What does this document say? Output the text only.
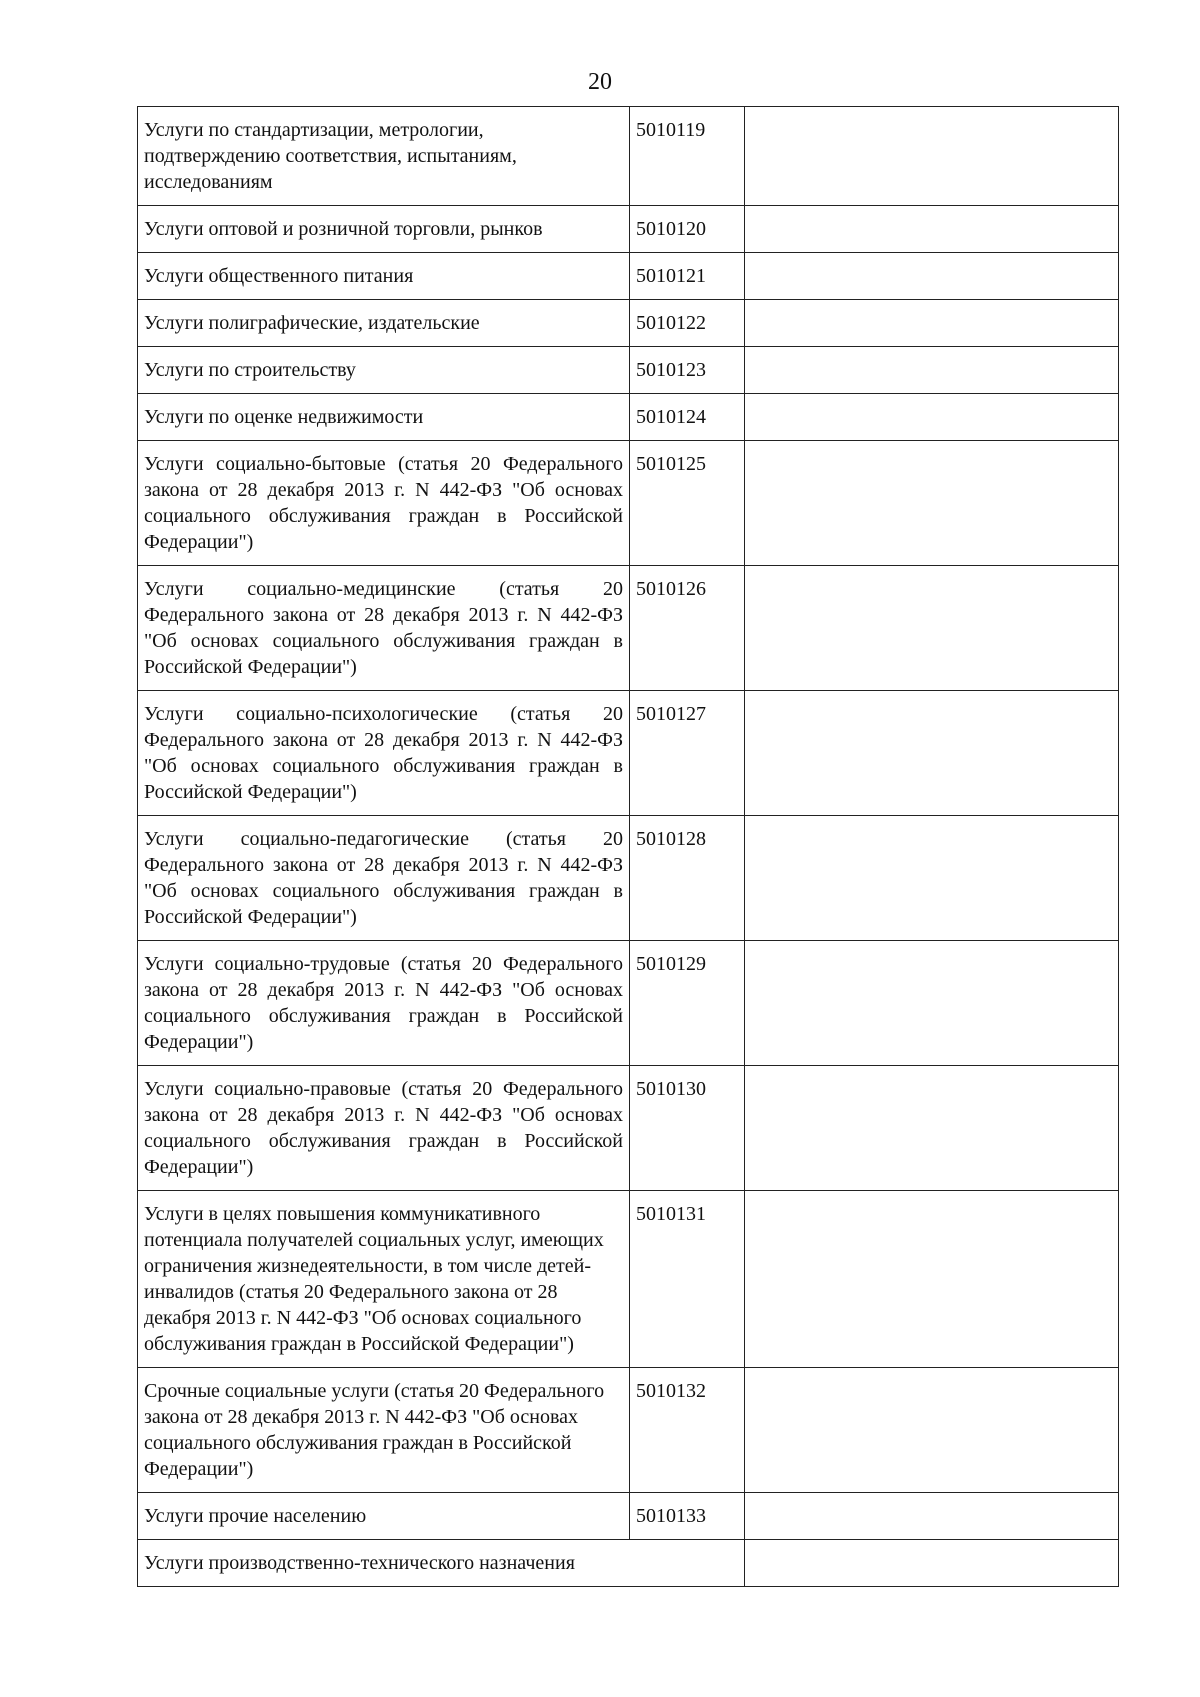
20
Услуги по стандартизации, метрологии, подтверждению соответствия, испытаниям, исследованиям	5010119	
Услуги оптовой и розничной торговли, рынков	5010120	
Услуги общественного питания	5010121	
Услуги полиграфические, издательские	5010122	
Услуги по строительству	5010123	
Услуги по оценке недвижимости	5010124	
Услуги социально-бытовые (статья 20 Федерального закона от 28 декабря 2013 г. N 442-ФЗ "Об основах социального обслуживания граждан в Российской Федерации")	5010125	
Услуги социально-медицинские (статья 20 Федерального закона от 28 декабря 2013 г. N 442-ФЗ "Об основах социального обслуживания граждан в Российской Федерации")	5010126	
Услуги социально-психологические (статья 20 Федерального закона от 28 декабря 2013 г. N 442-ФЗ "Об основах социального обслуживания граждан в Российской Федерации")	5010127	
Услуги социально-педагогические (статья 20 Федерального закона от 28 декабря 2013 г. N 442-ФЗ "Об основах социального обслуживания граждан в Российской Федерации")	5010128	
Услуги социально-трудовые (статья 20 Федерального закона от 28 декабря 2013 г. N 442-ФЗ "Об основах социального обслуживания граждан в Российской Федерации")	5010129	
Услуги социально-правовые (статья 20 Федерального закона от 28 декабря 2013 г. N 442-ФЗ "Об основах социального обслуживания граждан в Российской Федерации")	5010130	
Услуги в целях повышения коммуникативного потенциала получателей социальных услуг, имеющих ограничения жизнедеятельности, в том числе детей-инвалидов (статья 20 Федерального закона от 28 декабря 2013 г. N 442-ФЗ "Об основах социального обслуживания граждан в Российской Федерации")	5010131	
Срочные социальные услуги (статья 20 Федерального закона от 28 декабря 2013 г. N 442-ФЗ "Об основах социального обслуживания граждан в Российской Федерации")	5010132	
Услуги прочие населению	5010133	
Услуги производственно-технического назначения		
